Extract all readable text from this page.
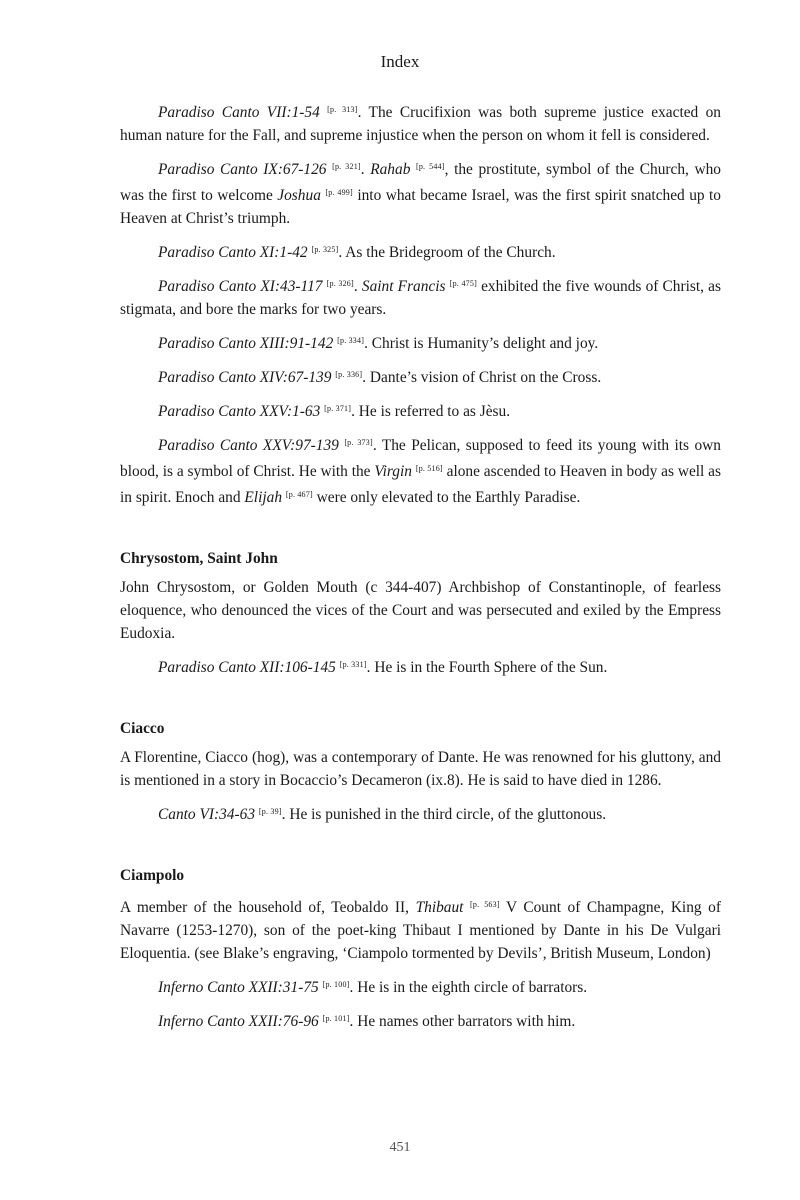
Index

Paradiso Canto VII:1-54 [p. 313]. The Crucifixion was both supreme justice exacted on human nature for the Fall, and supreme injustice when the person on whom it fell is considered.

Paradiso Canto IX:67-126 [p. 321]. Rahab [p. 544], the prostitute, symbol of the Church, who was the first to welcome Joshua [p. 499] into what became Israel, was the first spirit snatched up to Heaven at Christ’s triumph.

Paradiso Canto XI:1-42 [p. 325]. As the Bridegroom of the Church.

Paradiso Canto XI:43-117 [p. 326]. Saint Francis [p. 475] exhibited the five wounds of Christ, as stigmata, and bore the marks for two years.

Paradiso Canto XIII:91-142 [p. 334]. Christ is Humanity’s delight and joy.

Paradiso Canto XIV:67-139 [p. 336]. Dante’s vision of Christ on the Cross.

Paradiso Canto XXV:1-63 [p. 371]. He is referred to as Jèsu.

Paradiso Canto XXV:97-139 [p. 373]. The Pelican, supposed to feed its young with its own blood, is a symbol of Christ. He with the Virgin [p. 516] alone ascended to Heaven in body as well as in spirit. Enoch and Elijah [p. 467] were only elevated to the Earthly Paradise.

Chrysostom, Saint John

John Chrysostom, or Golden Mouth (c 344-407) Archbishop of Constantinople, of fearless eloquence, who denounced the vices of the Court and was persecuted and exiled by the Empress Eudoxia.

Paradiso Canto XII:106-145 [p. 331]. He is in the Fourth Sphere of the Sun.

Ciacco

A Florentine, Ciacco (hog), was a contemporary of Dante. He was renowned for his gluttony, and is mentioned in a story in Bocaccio’s Decameron (ix.8). He is said to have died in 1286.

Canto VI:34-63 [p. 39]. He is punished in the third circle, of the gluttonous.

Ciampolo

A member of the household of, Teobaldo II, Thibaut [p. 563] V Count of Champagne, King of Navarre (1253-1270), son of the poet-king Thibaut I mentioned by Dante in his De Vulgari Eloquentia. (see Blake’s engraving, ‘Ciampolo tormented by Devils’, British Museum, London)

Inferno Canto XXII:31-75 [p. 100]. He is in the eighth circle of barrators.

Inferno Canto XXII:76-96 [p. 101]. He names other barrators with him.

451
